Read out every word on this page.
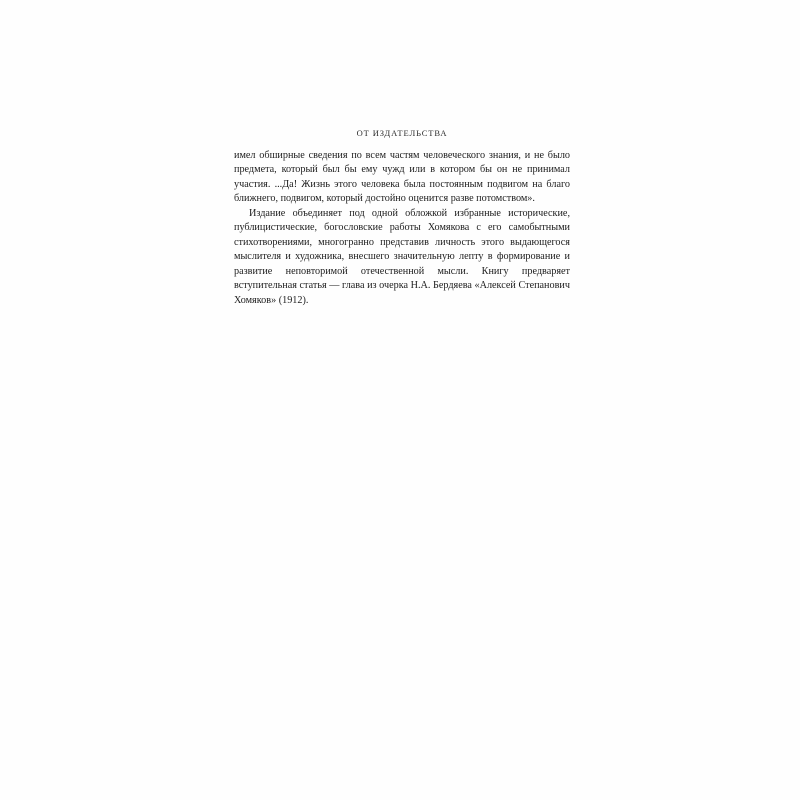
ОТ ИЗДАТЕЛЬСТВА

имел обширные сведения по всем частям человеческого знания, и не было предмета, который был бы ему чужд или в котором бы он не принимал участия. ...Да! Жизнь этого человека была постоянным подвигом на благо ближнего, подвигом, который достойно оценится разве потомством».

Издание объединяет под одной обложкой избранные исторические, публицистические, богословские работы Хомякова с его самобытными стихотворениями, многогранно представив личность этого выдающегося мыслителя и художника, внесшего значительную лепту в формирование и развитие неповторимой отечественной мысли. Книгу предваряет вступительная статья — глава из очерка Н.А. Бердяева «Алексей Степанович Хомяков» (1912).
